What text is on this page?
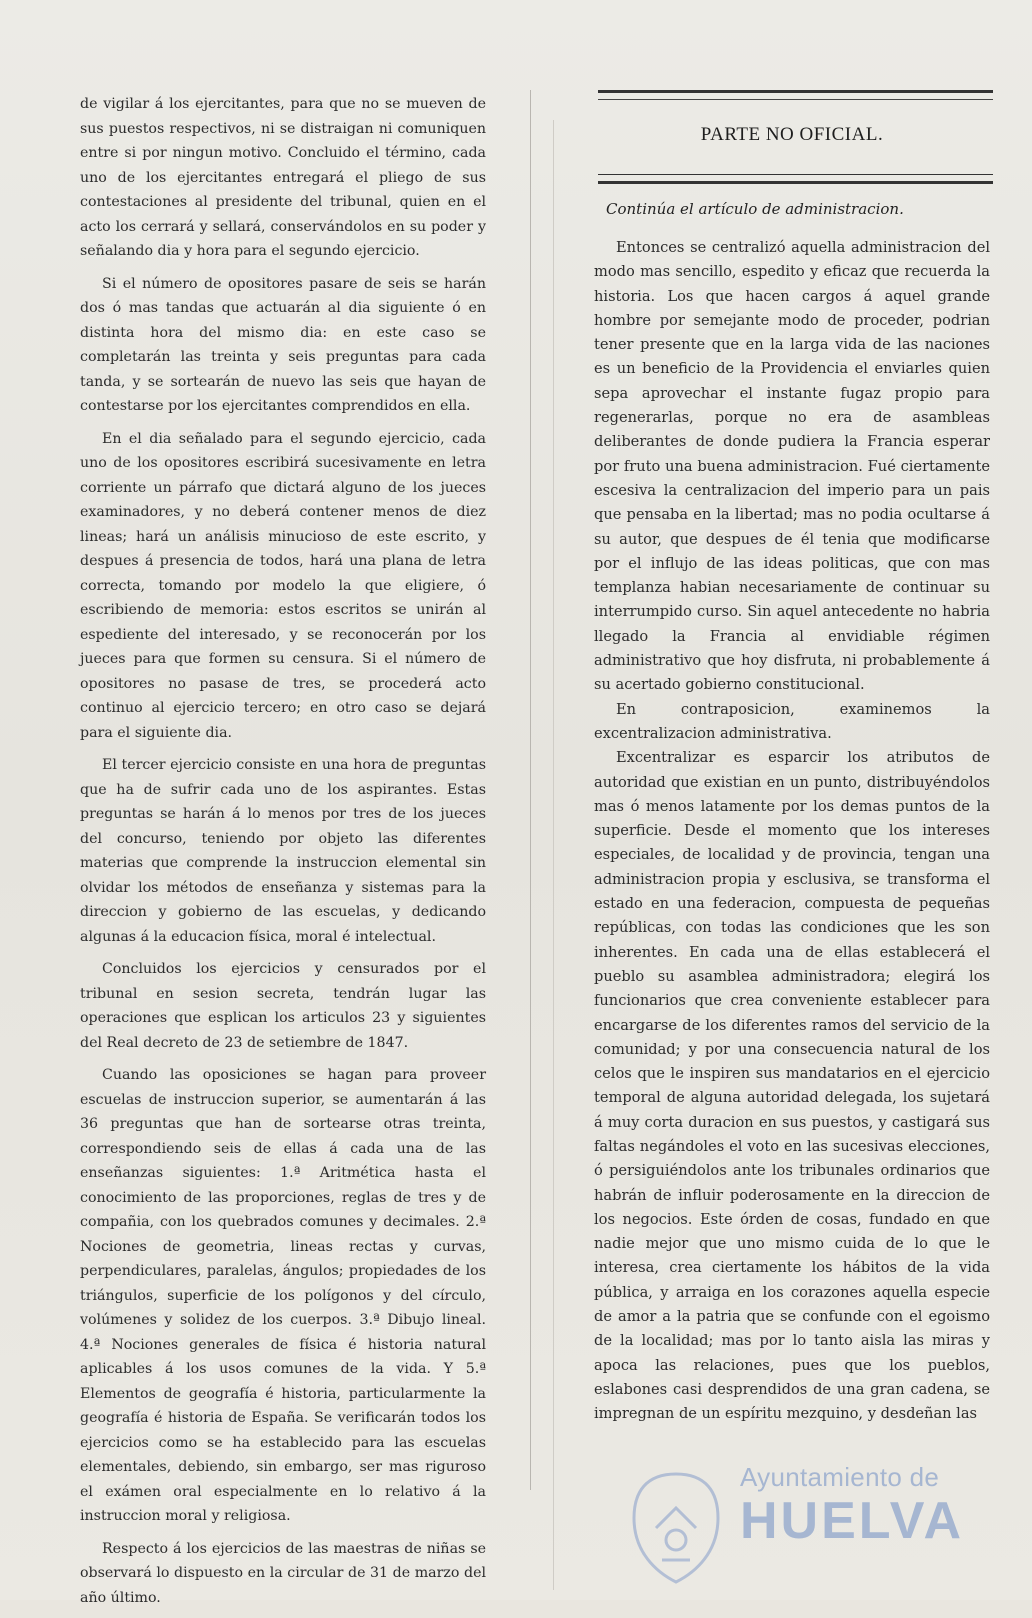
de vigilar á los ejercitantes, para que no se mueven de sus puestos respectivos, ni se distraigan ni comuniquen entre si por ningun motivo. Concluido el término, cada uno de los ejercitantes entregará el pliego de sus contestaciones al presidente del tribunal, quien en el acto los cerrará y sellará, conservándolos en su poder y señalando dia y hora para el segundo ejercicio.

Si el número de opositores pasare de seis se harán dos ó mas tandas que actuarán al dia siguiente ó en distinta hora del mismo dia: en este caso se completarán las treinta y seis preguntas para cada tanda, y se sortearán de nuevo las seis que hayan de contestarse por los ejercitantes comprendidos en ella.

En el dia señalado para el segundo ejercicio, cada uno de los opositores escribirá sucesivamente en letra corriente un párrafo que dictará alguno de los jueces examinadores, y no deberá contener menos de diez lineas; hará un análisis minucioso de este escrito, y despues á presencia de todos, hará una plana de letra correcta, tomando por modelo la que eligiere, ó escribiendo de memoria: estos escritos se unirán al espediente del interesado, y se reconocerán por los jueces para que formen su censura. Si el número de opositores no pasase de tres, se procederá acto continuo al ejercicio tercero; en otro caso se dejará para el siguiente dia.

El tercer ejercicio consiste en una hora de preguntas que ha de sufrir cada uno de los aspirantes. Estas preguntas se harán á lo menos por tres de los jueces del concurso, teniendo por objeto las diferentes materias que comprende la instruccion elemental sin olvidar los métodos de enseñanza y sistemas para la direccion y gobierno de las escuelas, y dedicando algunas á la educacion física, moral é intelectual.

Concluidos los ejercicios y censurados por el tribunal en sesion secreta, tendrán lugar las operaciones que esplican los articulos 23 y siguientes del Real decreto de 23 de setiembre de 1847.

Cuando las oposiciones se hagan para proveer escuelas de instruccion superior, se aumentarán á las 36 preguntas que han de sortearse otras treinta, correspondiendo seis de ellas á cada una de las enseñanzas siguientes: 1.ª Aritmética hasta el conocimiento de las proporciones, reglas de tres y de compañia, con los quebrados comunes y decimales. 2.ª Nociones de geometria, lineas rectas y curvas, perpendiculares, paralelas, ángulos; propiedades de los triángulos, superficie de los polígonos y del círculo, volúmenes y solidez de los cuerpos. 3.ª Dibujo lineal. 4.ª Nociones generales de física é historia natural aplicables á los usos comunes de la vida. Y 5.ª Elementos de geografía é historia, particularmente la geografía é historia de España. Se verificarán todos los ejercicios como se ha establecido para las escuelas elementales, debiendo, sin embargo, ser mas riguroso el exámen oral especialmente en lo relativo á la instruccion moral y religiosa.

Respecto á los ejercicios de las maestras de niñas se observará lo dispuesto en la circular de 31 de marzo del año último.

PARTE NO OFICIAL.
Continúa el artículo de administracion.

Entonces se centralizó aquella administracion del modo mas sencillo, espedito y eficaz que recuerda la historia. Los que hacen cargos á aquel grande hombre por semejante modo de proceder, podrian tener presente que en la larga vida de las naciones es un beneficio de la Providencia el enviarles quien sepa aprovechar el instante fugaz propio para regenerarlas, porque no era de asambleas deliberantes de donde pudiera la Francia esperar por fruto una buena administracion. Fué ciertamente escesiva la centralizacion del imperio para un pais que pensaba en la libertad; mas no podia ocultarse á su autor, que despues de él tenia que modificarse por el influjo de las ideas politicas, que con mas templanza habian necesariamente de continuar su interrumpido curso. Sin aquel antecedente no habria llegado la Francia al envidiable régimen administrativo que hoy disfruta, ni probablemente á su acertado gobierno constitucional.

En contraposicion, examinemos la excentralizacion administrativa.

Excentralizar es esparcir los atributos de autoridad que existian en un punto, distribuyéndolos mas ó menos latamente por los demas puntos de la superficie. Desde el momento que los intereses especiales, de localidad y de provincia, tengan una administracion propia y esclusiva, se transforma el estado en una federacion, compuesta de pequeñas repúblicas, con todas las condiciones que les son inherentes. En cada una de ellas establecerá el pueblo su asamblea administradora; elegirá los funcionarios que crea conveniente establecer para encargarse de los diferentes ramos del servicio de la comunidad; y por una consecuencia natural de los celos que le inspiren sus mandatarios en el ejercicio temporal de alguna autoridad delegada, los sujetará á muy corta duracion en sus puestos, y castigará sus faltas negándoles el voto en las sucesivas elecciones, ó persiguiéndolos ante los tribunales ordinarios que habrán de influir poderosamente en la direccion de los negocios. Este órden de cosas, fundado en que nadie mejor que uno mismo cuida de lo que le interesa, crea ciertamente los hábitos de la vida pública, y arraiga en los corazones aquella especie de amor a la patria que se confunde con el egoismo de la localidad; mas por lo tanto aisla las miras y apoca las relaciones, pues que los pueblos, eslabones casi desprendidos de una gran cadena, se impregnan de un espíritu mezquino, y desdeñan las

Ayuntamiento de
HUELVA
